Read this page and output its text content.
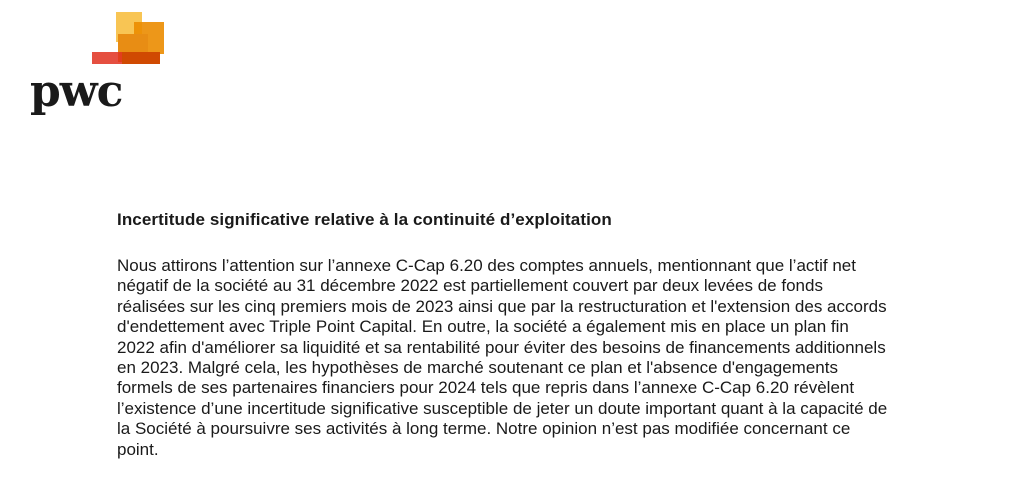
pwc
Incertitude significative relative à la continuité d’exploitation
Nous attirons l’attention sur l’annexe C-Cap 6.20 des comptes annuels, mentionnant que l’actif net
négatif de la société au 31 décembre 2022 est partiellement couvert par deux levées de fonds
réalisées sur les cinq premiers mois de 2023 ainsi que par la restructuration et l'extension des accords
d'endettement avec Triple Point Capital. En outre, la société a également mis en place un plan fin
2022 afin d'améliorer sa liquidité et sa rentabilité pour éviter des besoins de financements additionnels
en 2023. Malgré cela, les hypothèses de marché soutenant ce plan et l'absence d'engagements
formels de ses partenaires financiers pour 2024 tels que repris dans l’annexe C-Cap 6.20 révèlent
l’existence d’une incertitude significative susceptible de jeter un doute important quant à la capacité de
la Société à poursuivre ses activités à long terme. Notre opinion n’est pas modifiée concernant ce
point.
